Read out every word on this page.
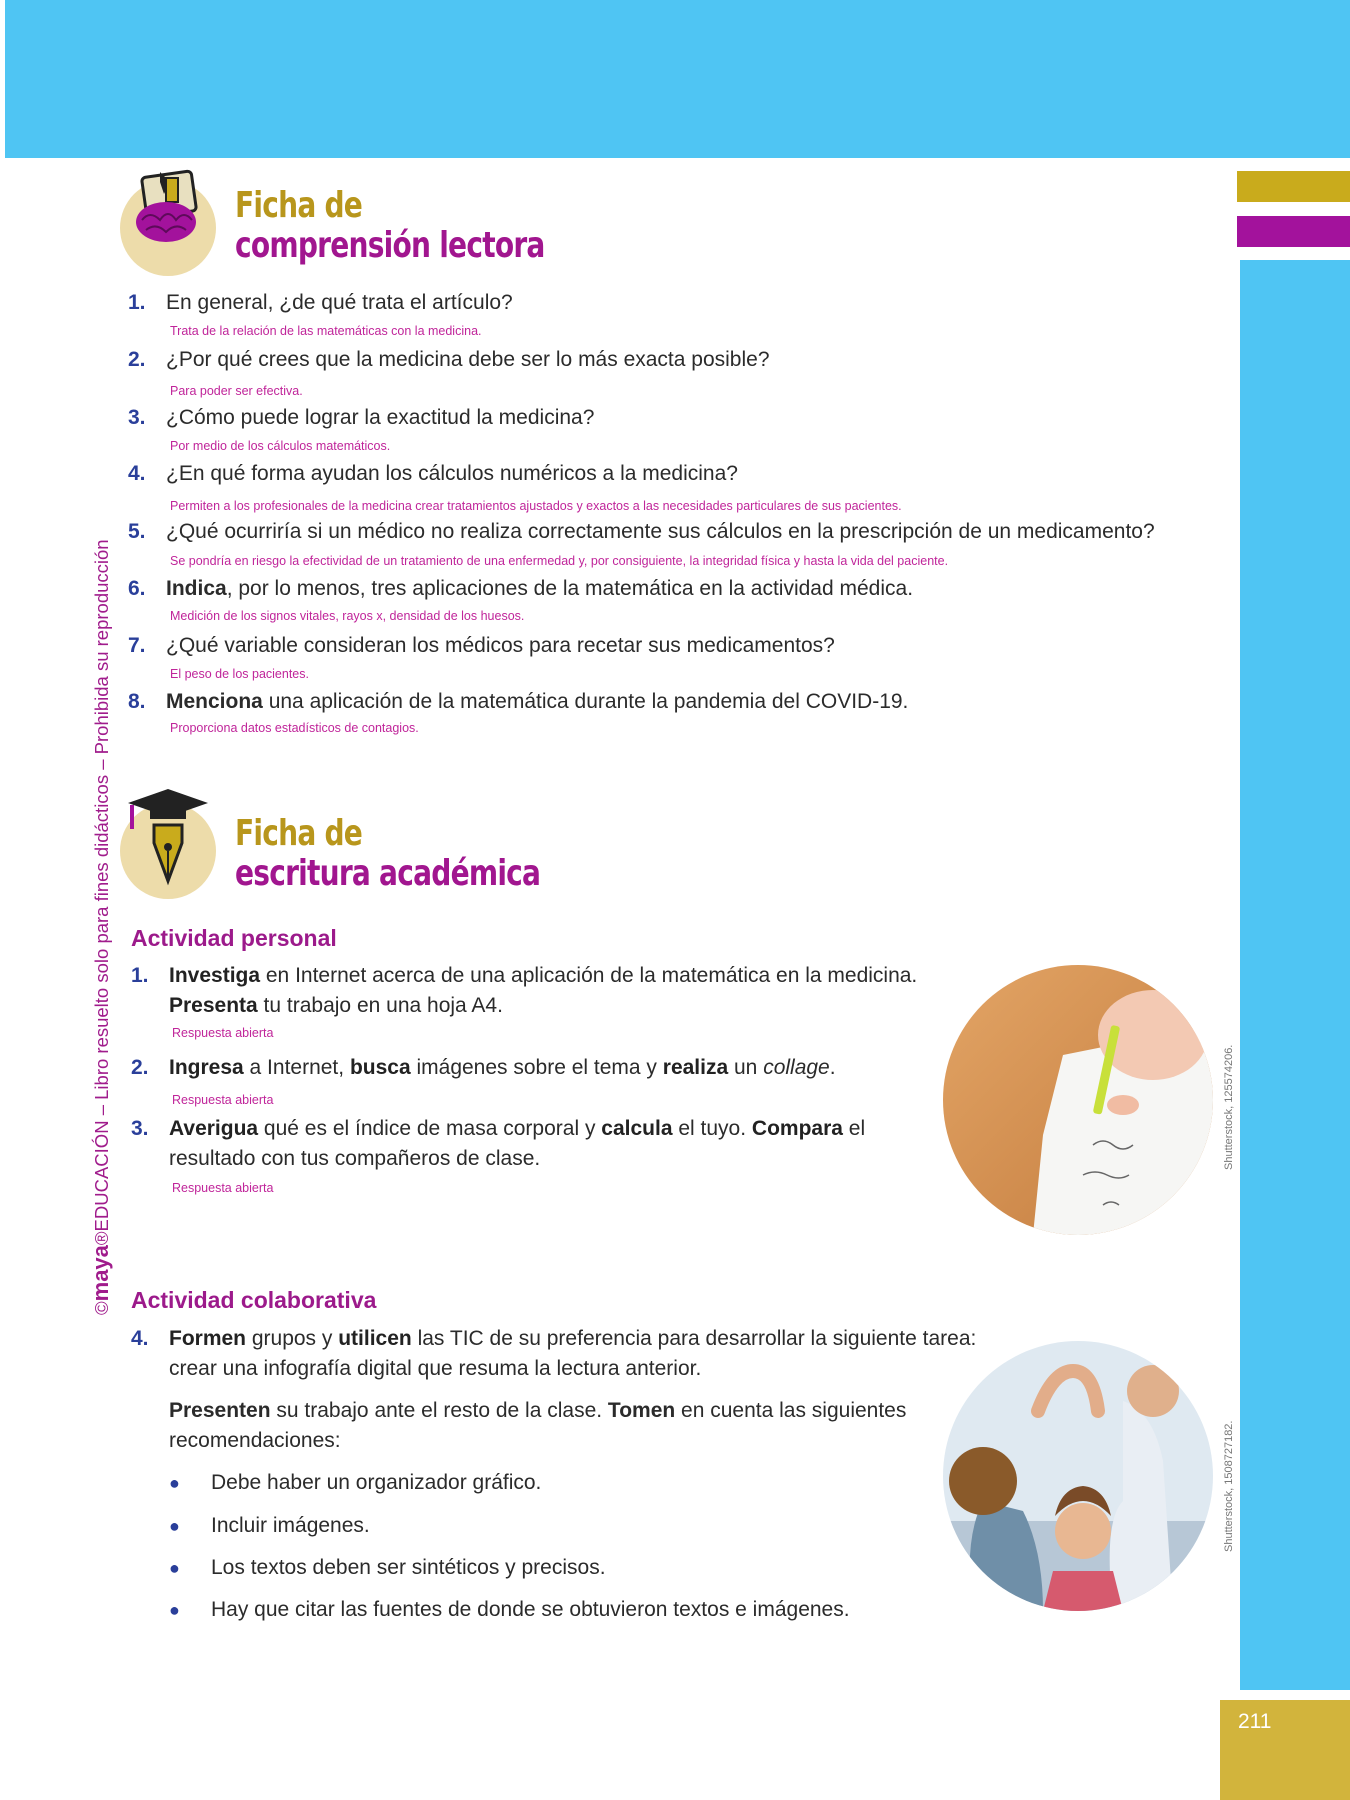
©maya®EDUCACIÓN – Libro resuelto solo para fines didácticos – Prohibida su reproducción
Ficha de
comprensión lectora
1. En general, ¿de qué trata el artículo?
Trata de la relación de las matemáticas con la medicina.
2. ¿Por qué crees que la medicina debe ser lo más exacta posible?
Para poder ser efectiva.
3. ¿Cómo puede lograr la exactitud la medicina?
Por medio de los cálculos matemáticos.
4. ¿En qué forma ayudan los cálculos numéricos a la medicina?
Permiten a los profesionales de la medicina crear tratamientos ajustados y exactos a las necesidades particulares de sus pacientes.
5. ¿Qué ocurriría si un médico no realiza correctamente sus cálculos en la prescripción de un medicamento?
Se pondría en riesgo la efectividad de un tratamiento de una enfermedad y, por consiguiente, la integridad física y hasta la vida del paciente.
6. Indica, por lo menos, tres aplicaciones de la matemática en la actividad médica.
Medición de los signos vitales, rayos x, densidad de los huesos.
7. ¿Qué variable consideran los médicos para recetar sus medicamentos?
El peso de los pacientes.
8. Menciona una aplicación de la matemática durante la pandemia del COVID-19.
Proporciona datos estadísticos de contagios.
Ficha de
escritura académica
Actividad personal
1. Investiga en Internet acerca de una aplicación de la matemática en la medicina.
Presenta tu trabajo en una hoja A4.
Respuesta abierta
2. Ingresa a Internet, busca imágenes sobre el tema y realiza un collage.
Respuesta abierta
3. Averigua qué es el índice de masa corporal y calcula el tuyo. Compara el
resultado con tus compañeros de clase.
Respuesta abierta
Actividad colaborativa
4. Formen grupos y utilicen las TIC de su preferencia para desarrollar la siguiente tarea:
crear una infografía digital que resuma la lectura anterior.
Presenten su trabajo ante el resto de la clase. Tomen en cuenta las siguientes
recomendaciones:
● Debe haber un organizador gráfico.
● Incluir imágenes.
● Los textos deben ser sintéticos y precisos.
● Hay que citar las fuentes de donde se obtuvieron textos e imágenes.
Shutterstock, 125574206.
Shutterstock, 1508727182.
211
